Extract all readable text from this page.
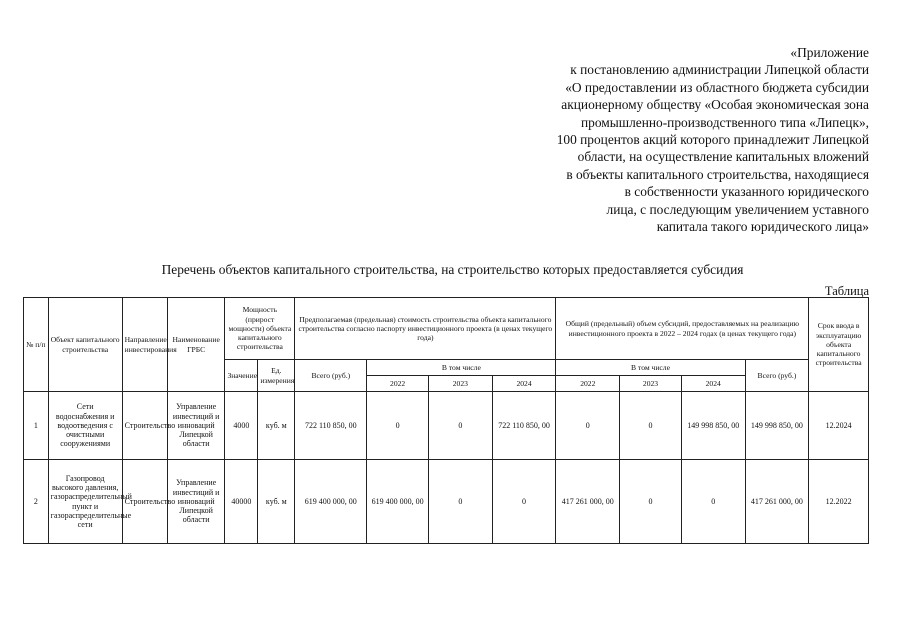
«Приложение
к постановлению администрации Липецкой области
«О предоставлении из областного бюджета субсидии
акционерному обществу «Особая экономическая зона
промышленно-производственного типа «Липецк»,
100 процентов акций которого принадлежит Липецкой
области, на осуществление капитальных вложений
в объекты капитального строительства, находящиеся
в собственности указанного юридического
лица, с последующим увеличением уставного
капитала такого юридического лица»
Перечень объектов капитального строительства, на строительство которых предоставляется субсидия
Таблица
№ п/п	Объект капитального строительства	Направление инвестирования	Наименование ГРБС	Мощность (прирост мощности) объекта капитального строительства		Предполагаемая (предельная) стоимость строительства объекта капитального строительства согласно паспорту инвестиционного проекта (в ценах текущего года)				Общий (предельный) объем субсидий, предоставляемых на реализацию инвестиционного проекта в 2022 – 2024 годах (в ценах текущего года)				Срок ввода в эксплуатацию объекта капитального строительства
				Значение	Ед. измерения	Всего (руб.)	В том числе			В том числе			Всего (руб.)	
							2022	2023	2024	2022	2023	2024		
1	Сети водоснабжения и водоотведения с очистными сооружениями	Строительство	Управление инвестиций и инноваций Липецкой области	4000	куб. м	722 110 850, 00	0	0	722 110 850, 00	0	0	149 998 850, 00	149 998 850, 00	12.2024
2	Газопровод высокого давления, газораспределительный пункт и газораспределительные сети	Строительство	Управление инвестиций и инноваций Липецкой области	40000	куб. м	619 400 000, 00	619 400 000, 00	0	0	417 261 000, 00	0	0	417 261 000, 00	12.2022
